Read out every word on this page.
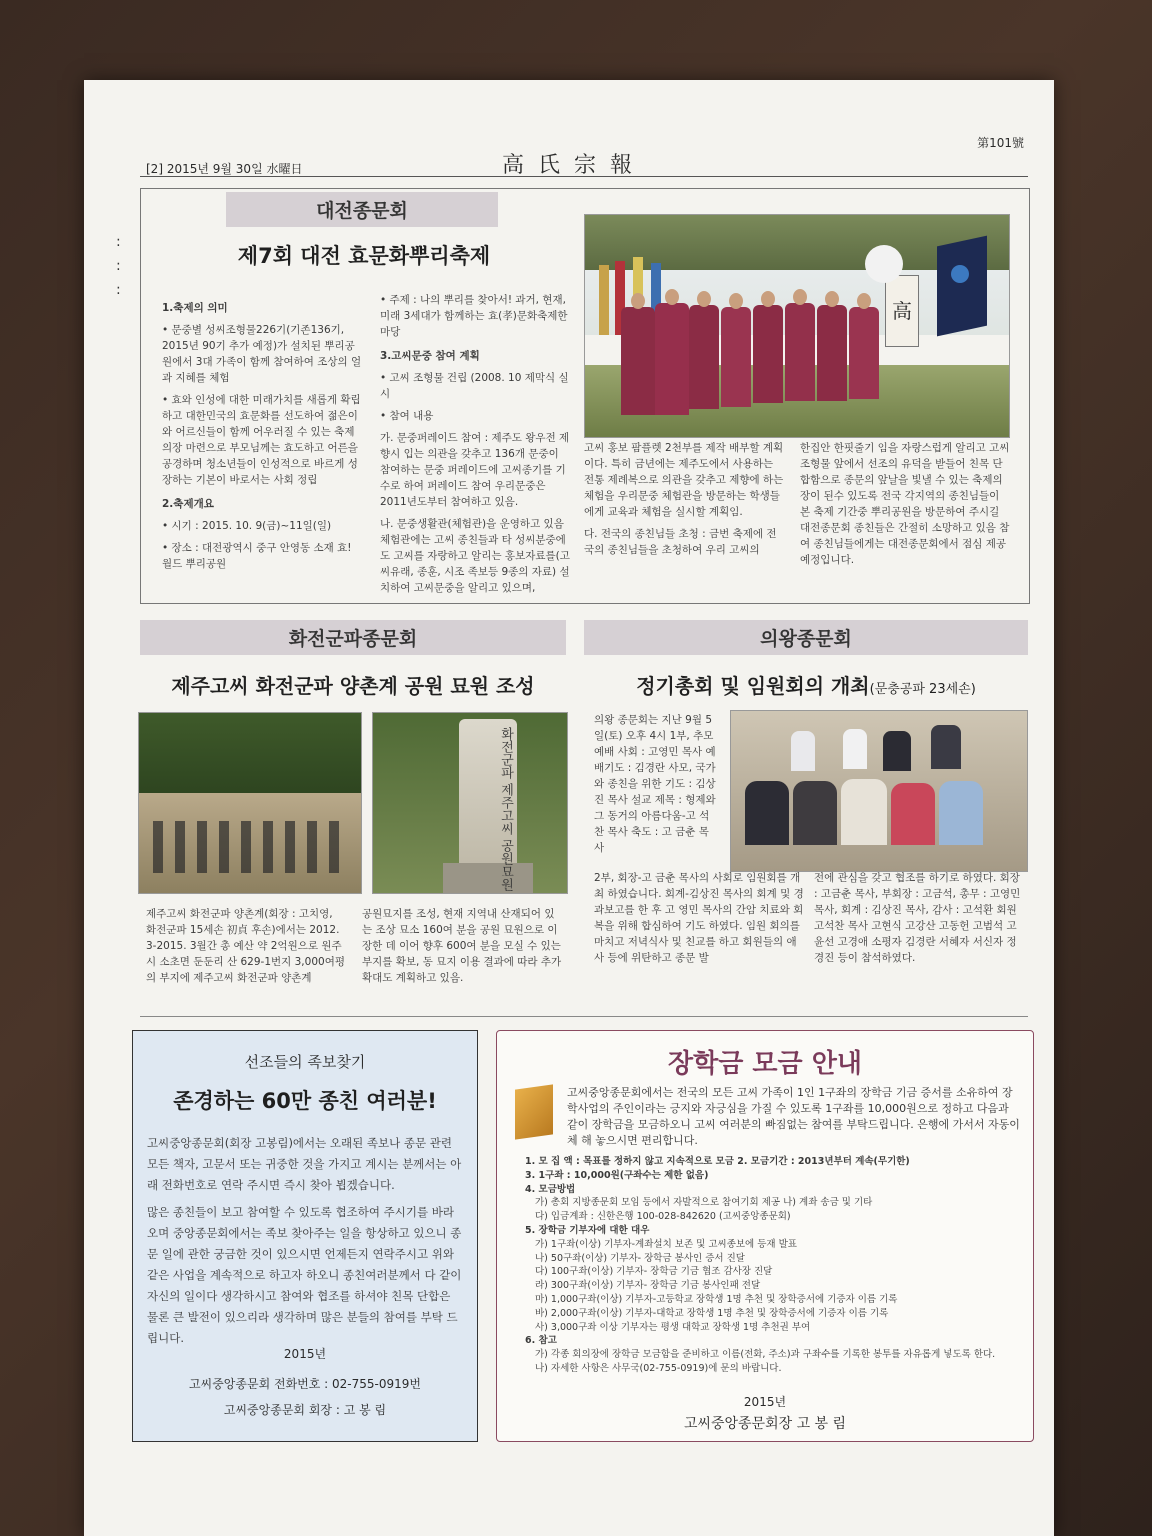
[2] 2015년 9월 30일 水曜日	高氏宗報
第101號
:
:
:
대전종문회
제7회 대전 효문화뿌리축제

1.축제의 의미

• 문중별 성씨조형물226기(기존136기, 2015년 90기 추가 예정)가 설치된 뿌리공원에서 3대 가족이 함께 참여하여 조상의 얼과 지혜를 체험

• 효와 인성에 대한 미래가치를 새롭게 확립하고 대한민국의 효문화를 선도하여 젊은이와 어르신들이 함께 어우러질 수 있는 축제의장 마련으로 부모님께는 효도하고 어른을 공경하며 청소년들이 인성적으로 바르게 성장하는 기본이 바로서는 사회 정립

2.축제개요

• 시기 : 2015. 10. 9(금)~11일(일)

• 장소 : 대전광역시 중구 안영동 소재 효! 월드 뿌리공원

• 주제 : 나의 뿌리를 찾아서! 과거, 현재, 미래 3세대가 함께하는 효(孝)문화축제한마당

3.고씨문중 참여 계획

• 고씨 조형물 건립 (2008. 10 제막식 실시

• 참여 내용

가. 문중퍼레이드 참여 : 제주도 왕우전 제향시 입는 의관을 갖추고 136개 문중이 참여하는 문중 퍼레이드에 고씨종기를 기수로 하여 퍼레이드 참여 우리문중은 2011년도부터 참여하고 있음.

나. 문중생활관(체험관)을 운영하고 있음 체험관에는 고씨 종친들과 타 성씨분중에도 고씨를 자랑하고 알리는 홍보자료를(고씨유래, 종훈, 시조 족보등 9종의 자료) 설치하여 고씨문중을 알리고 있으며,

高

고씨 홍보 팜플렛 2천부를 제작 배부할 계획이다. 특히 금년에는 제주도에서 사용하는 전통 제례복으로 의관을 갖추고 제향에 하는 체험을 우리문중 체험관을 방문하는 학생들에게 교육과 체험을 실시할 계획임.

다. 전국의 종친님들 초청 : 금번 축제에 전국의 종친님들을 초청하여 우리 고씨의

한집안 한핏줄기 임을 자랑스럽게 알리고 고씨 조형물 앞에서 선조의 유덕을 받들어 친목 단합함으로 종문의 앞날을 빛낼 수 있는 축제의 장이 된수 있도록 전국 각지역의 종친님들이 본 축제 기간중 뿌리공원을 방문하여 주시길 대전종문회 종친들은 간절히 소망하고 있음 참여 종친님들에게는 대전종문회에서 점심 제공예정입니다.
화전군파종문회
제주고씨 화전군파 양촌계 공원 묘원 조성
화전군파 제주고씨 공원묘원
제주고씨 화전군파 양촌계(회장 : 고치영, 화전군파 15세손 初貞 후손)에서는 2012. 3-2015. 3월간 총 예산 약 2억원으로 원주시 소초면 둔둔리 산 629-1번지 3,000여평의 부지에 제주고씨 화전군파 양촌계
공원묘지를 조성, 현재 지역내 산재되어 있는 조상 묘소 160여 분을 공원 묘원으로 이장한 데 이어 향후 600여 분을 모실 수 있는 부지를 확보, 동 묘지 이용 결과에 따라 추가 확대도 계획하고 있음.
의왕종문회
정기총회 및 임원회의 개최(문충공파 23세손)
의왕 종문회는 지난 9월 5일(토) 오후 4시 1부, 추모예배 사회 : 고영민 목사 예배기도 : 김경란 사모, 국가와 종친을 위한 기도 : 김상진 목사 설교 제목 : 형제와 그 동거의 아름다움-고 석찬 목사 축도 : 고 금춘 목사
2부, 회장-고 금춘 목사의 사회로 임원회를 개최 하였습니다. 회계-김상진 목사의 회계 및 경과보고를 한 후 고 영민 목사의 간암 치료와 회복을 위해 합심하여 기도 하였다. 임원 회의를 마치고 저녁식사 및 친교를 하고 회원들의 애사 등에 위탄하고 종문 발
전에 관심을 갖고 협조를 하기로 하였다. 회장 : 고금춘 목사, 부회장 : 고금석, 총무 : 고영민 목사, 회계 : 김상진 목사, 감사 : 고석환 회원 고석찬 목사 고현식 고강산 고동헌 고범석 고윤선 고경애 소평자 김경란 서혜자 서신자 정경진 등이 참석하였다.
선조들의 족보찾기
존경하는 60만 종친 여러분!

고씨중앙종문회(회장 고봉림)에서는 오래된 족보나 종문 관련 모든 책자, 고문서 또는 귀중한 것을 가지고 계시는 분께서는 아래 전화번호로 연락 주시면 즉시 찾아 뵙겠습니다.

많은 종친들이 보고 참여할 수 있도록 협조하여 주시기를 바라오며 중앙종문회에서는 족보 찾아주는 일을 항상하고 있으니 종문 일에 관한 궁금한 것이 있으시면 언제든지 연락주시고 위와 같은 사업을 계속적으로 하고자 하오니 종친여러분께서 다 같이 자신의 일이다 생각하시고 참여와 협조를 하셔야 친목 단합은 물론 큰 발전이 있으리라 생각하며 많은 분들의 참여를 부탁 드립니다.

2015년
고씨중앙종문회 전화번호 : 02-755-0919번
고씨중앙종문회 회장 : 고 봉 림
장학금 모금 안내
고씨중앙종문회에서는 전국의 모든 고씨 가족이 1인 1구좌의 장학금 기금 증서를 소유하여 장학사업의 주인이라는 긍지와 자긍심을 가질 수 있도록 1구좌를 10,000원으로 정하고 다음과 같이 장학금을 모금하오니 고씨 여러분의 빠짐없는 참여를 부탁드립니다. 은행에 가서서 자동이체 해 놓으시면 편리합니다.
1. 모 집 액 : 목표를 정하지 않고 지속적으로 모금 2. 모금기간 : 2013년부터 계속(무기한)
3. 1구좌 : 10,000원(구좌수는 제한 없음)
4. 모금방법
가) 총회 지방종문회 모임 등에서 자발적으로 참여기회 제공 나) 계좌 송금 및 기타
다) 입금계좌 : 신한은행 100-028-842620 (고씨중앙종문회)
5. 장학금 기부자에 대한 대우
가) 1구좌(이상) 기부자-계좌설치 보존 및 고씨종보에 등재 발표
나) 50구좌(이상) 기부자- 장학금 봉사인 증서 진달
다) 100구좌(이상) 기부자- 장학금 기금 협조 감사장 진달
라) 300구좌(이상) 기부자- 장학금 기금 봉사인패 전달
마) 1,000구좌(이상) 기부자-고등학교 장학생 1명 추천 및 장학증서에 기증자 이름 기록
바) 2,000구좌(이상) 기부자-대학교 장학생 1명 추천 및 장학증서에 기증자 이름 기록
사) 3,000구좌 이상 기부자는 평생 대학교 장학생 1명 추천권 부여
6. 참고
가) 각종 회의장에 장학금 모금함을 준비하고 이름(전화, 주소)과 구좌수를 기록한 봉투를 자유롭게 넣도록 한다.
나) 자세한 사항은 사무국(02-755-0919)에 문의 바랍니다.
2015년
고씨중앙종문회장 고 봉 림
